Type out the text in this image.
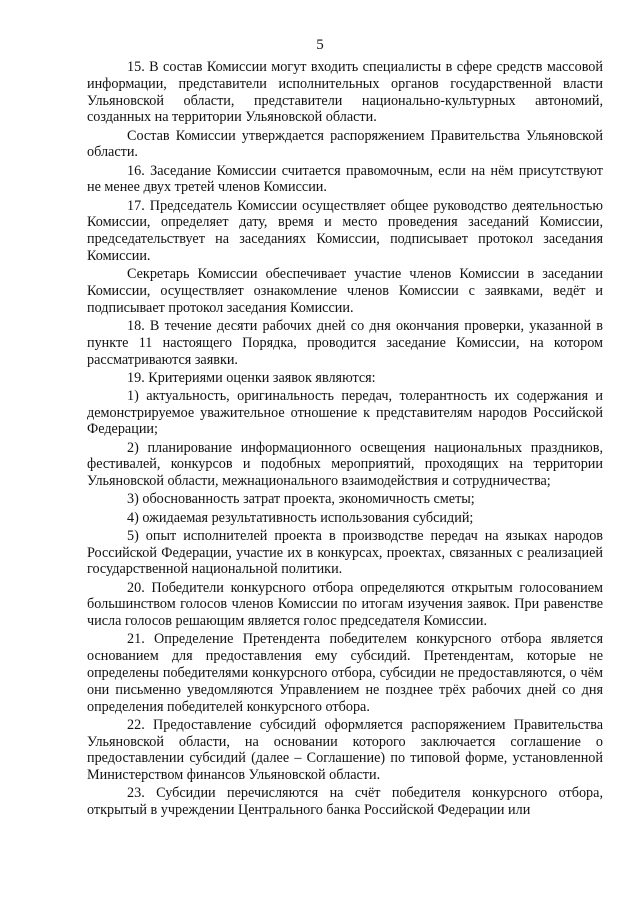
5

15. В состав Комиссии могут входить специалисты в сфере средств массовой информации, представители исполнительных органов государственной власти Ульяновской области, представители национально-культурных автономий, созданных на территории Ульяновской области.

Состав Комиссии утверждается распоряжением Правительства Ульяновской области.

16. Заседание Комиссии считается правомочным, если на нём присутствуют не менее двух третей членов Комиссии.

17. Председатель Комиссии осуществляет общее руководство деятельностью Комиссии, определяет дату, время и место проведения заседаний Комиссии, председательствует на заседаниях Комиссии, подписывает протокол заседания Комиссии.

Секретарь Комиссии обеспечивает участие членов Комиссии в заседании Комиссии, осуществляет ознакомление членов Комиссии с заявками, ведёт и подписывает протокол заседания Комиссии.

18. В течение десяти рабочих дней со дня окончания проверки, указанной в пункте 11 настоящего Порядка, проводится заседание Комиссии, на котором рассматриваются заявки.

19. Критериями оценки заявок являются:

1) актуальность, оригинальность передач, толерантность их содержания и демонстрируемое уважительное отношение к представителям народов Российской Федерации;

2) планирование информационного освещения национальных праздников, фестивалей, конкурсов и подобных мероприятий, проходящих на территории Ульяновской области, межнационального взаимодействия и сотрудничества;

3) обоснованность затрат проекта, экономичность сметы;

4) ожидаемая результативность использования субсидий;

5) опыт исполнителей проекта в производстве передач на языках народов Российской Федерации, участие их в конкурсах, проектах, связанных с реализацией государственной национальной политики.

20. Победители конкурсного отбора определяются открытым голосованием большинством голосов членов Комиссии по итогам изучения заявок. При равенстве числа голосов решающим является голос председателя Комиссии.

21. Определение Претендента победителем конкурсного отбора является основанием для предоставления ему субсидий. Претендентам, которые не определены победителями конкурсного отбора, субсидии не предоставляются, о чём они письменно уведомляются Управлением не позднее трёх рабочих дней со дня определения победителей конкурсного отбора.

22. Предоставление субсидий оформляется распоряжением Правительства Ульяновской области, на основании которого заключается соглашение о предоставлении субсидий (далее – Соглашение) по типовой форме, установленной Министерством финансов Ульяновской области.

23. Субсидии перечисляются на счёт победителя конкурсного отбора, открытый в учреждении Центрального банка Российской Федерации или
